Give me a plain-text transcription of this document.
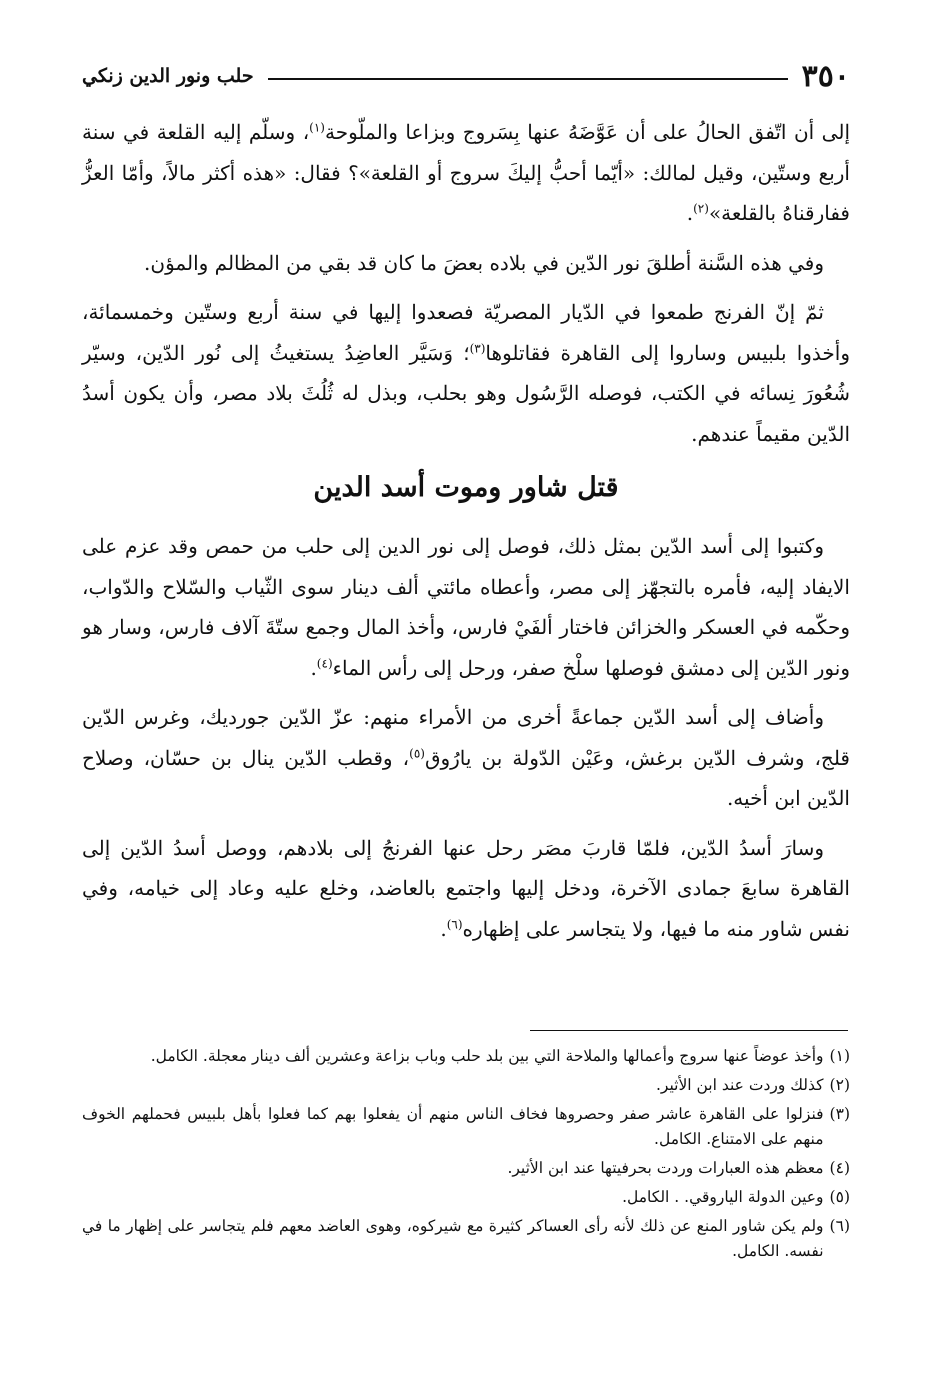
٣٥٠
حلب ونور الدين زنكي

إلى أن اتّفق الحالُ على أن عَوَّضَهُ عنها بِسَروج وبزاعا والملّوحة$^{(١)}$، وسلّم إليه القلعة في سنة أربع وستّين، وقيل لمالك: «أيّما أحبُّ إليكَ سروج أو القلعة»؟ فقال: «هذه أكثر مالاً، وأمّا العزُّ ففارقناهُ بالقلعة»$^{(٢)}$.

وفي هذه السَّنة أطلقَ نور الدّين في بلاده بعضَ ما كان قد بقي من المظالم والمؤن.

ثمّ إنّ الفرنج طمعوا في الدّيار المصريّة فصعدوا إليها في سنة أربع وستّين وخمسمائة، وأخذوا بلبيس وساروا إلى القاهرة فقاتلوها$^{(٣)}$؛ وَسَيَّر العاضِدُ يستغيثُ إلى نُور الدّين، وسيّر شُعُورَ نِسائه في الكتب، فوصله الرَّسُول وهو بحلب، وبذل له ثُلُثَ بلاد مصر، وأن يكون أسدُ الدّين مقيماً عندهم.

قتل شاور وموت أسد الدين

وكتبوا إلى أسد الدّين بمثل ذلك، فوصل إلى نور الدين إلى حلب من حمص وقد عزم على الايفاد إليه، فأمره بالتجهّز إلى مصر، وأعطاه مائتي ألف دينار سوى الثّياب والسّلاح والدّواب، وحكّمه في العسكر والخزائن فاختار ألفَيْ فارس، وأخذ المال وجمع ستّةَ آلاف فارس، وسار هو ونور الدّين إلى دمشق فوصلها سلْخ صفر، ورحل إلى رأس الماء$^{(٤)}$.

وأضاف إلى أسد الدّين جماعةً أخرى من الأمراء منهم: عزّ الدّين جورديك، وغرس الدّين قلج، وشرف الدّين برغش، وعَيْن الدّولة بن يارُوق$^{(٥)}$، وقطب الدّين ينال بن حسّان، وصلاح الدّين ابن أخيه.

وسارَ أسدُ الدّين، فلمّا قاربَ مصَر رحل عنها الفرنجُ إلى بلادهم، ووصل أسدُ الدّين إلى القاهرة سابعَ جمادى الآخرة، ودخل إليها واجتمع بالعاضد، وخلع عليه وعاد إلى خيامه، وفي نفس شاور منه ما فيها، ولا يتجاسر على إظهاره$^{(٦)}$.

(١)
وأخذ عوضاً عنها سروج وأعمالها والملاحة التي بين بلد حلب وباب بزاعة وعشرين ألف دينار معجلة. الكامل.
(٢)
كذلك وردت عند ابن الأثير.
(٣)
فنزلوا على القاهرة عاشر صفر وحصروها فخاف الناس منهم أن يفعلوا بهم كما فعلوا بأهل بلبيس فحملهم الخوف منهم على الامتناع. الكامل.
(٤)
معظم هذه العبارات وردت بحرفيتها عند ابن الأثير.
(٥)
وعين الدولة الياروقي. . الكامل.
(٦)
ولم يكن شاور المنع عن ذلك لأنه رأى العساكر كثيرة مع شيركوه، وهوى العاضد معهم فلم يتجاسر على إظهار ما في نفسه. الكامل.
